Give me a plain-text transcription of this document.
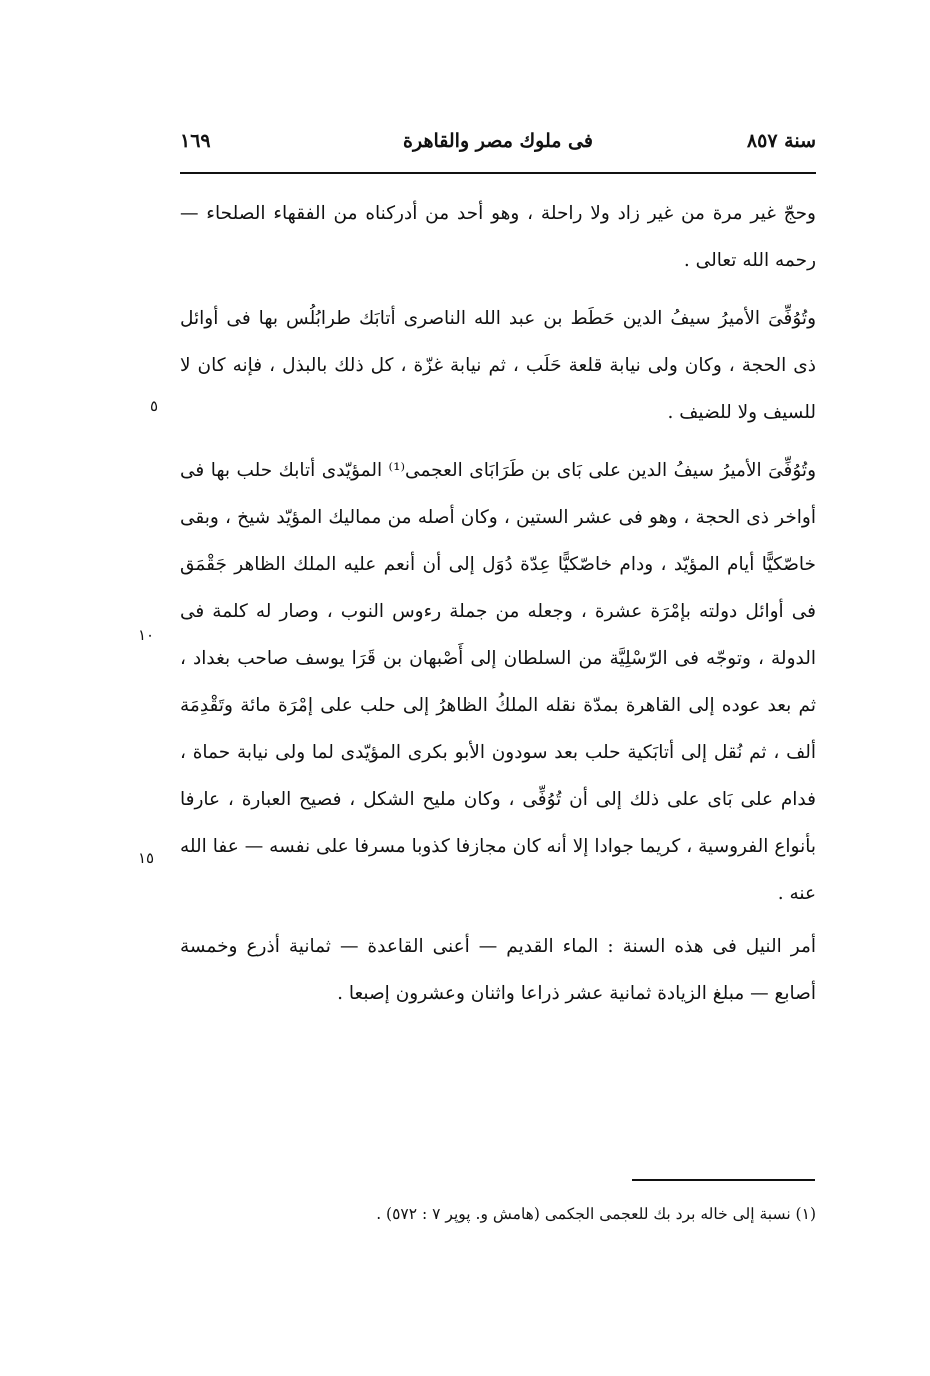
سنة ٨٥٧
فى ملوك مصر والقاهرة
١٦٩

وحجّ غير مرة من غير زاد ولا راحلة ، وهو أحد من أدركناه من الفقهاء الصلحاء — رحمه الله تعالى .

وتُوُفِّىَ الأميرُ سيفُ الدين حَطَط بن عبد الله الناصرى أتابَك طرابُلُس بها فى أوائل ذى الحجة ، وكان ولى نيابة قلعة حَلَب ، ثم نيابة غزّة ، كل ذلك بالبذل ، فإنه كان لا للسيف ولا للضيف .

وتُوُفِّىَ الأميرُ سيفُ الدين على بَاى بن طَرَابَاى العجمى⁽¹⁾ المؤيّدى أتابك حلب بها فى أواخر ذى الحجة ، وهو فى عشر الستين ، وكان أصله من مماليك المؤيّد شيخ ، وبقى خاصّكيًّا أيام المؤيّد ، ودام خاصّكيًّا عِدّة دُوَل إلى أن أنعم عليه الملك الظاهر جَقْمَق فى أوائل دولته بإمْرَة عشرة ، وجعله من جملة رءوس النوب ، وصار له كلمة فى الدولة ، وتوجّه فى الرّسْلِيَّة من السلطان إلى أَصْبهان بن قَرَا يوسف صاحب بغداد ، ثم بعد عوده إلى القاهرة بمدّة نقله الملكُ الظاهرُ إلى حلب على إمْرَة مائة وتَقْدِمَة ألف ، ثم نُقل إلى أتابَكية حلب بعد سودون الأبو بكرى المؤيّدى لما ولى نيابة حماة ، فدام على بَاى على ذلك إلى أن تُوُفِّى ، وكان مليح الشكل ، فصيح العبارة ، عارفا بأنواع الفروسية ، كريما جوادا إلا أنه كان مجازفا كذوبا مسرفا على نفسه — عفا الله عنه .

أمر النيل فى هذه السنة : الماء القديم — أعنى القاعدة — ثمانية أذرع وخمسة أصابع — مبلغ الزيادة ثمانية عشر ذراعا واثنان وعشرون إصبعا .

٥
١٠
١٥
(١) نسبة إلى خاله برد بك للعجمى الجكمى (هامش و. پوپر ٧ : ٥٧٢) .
